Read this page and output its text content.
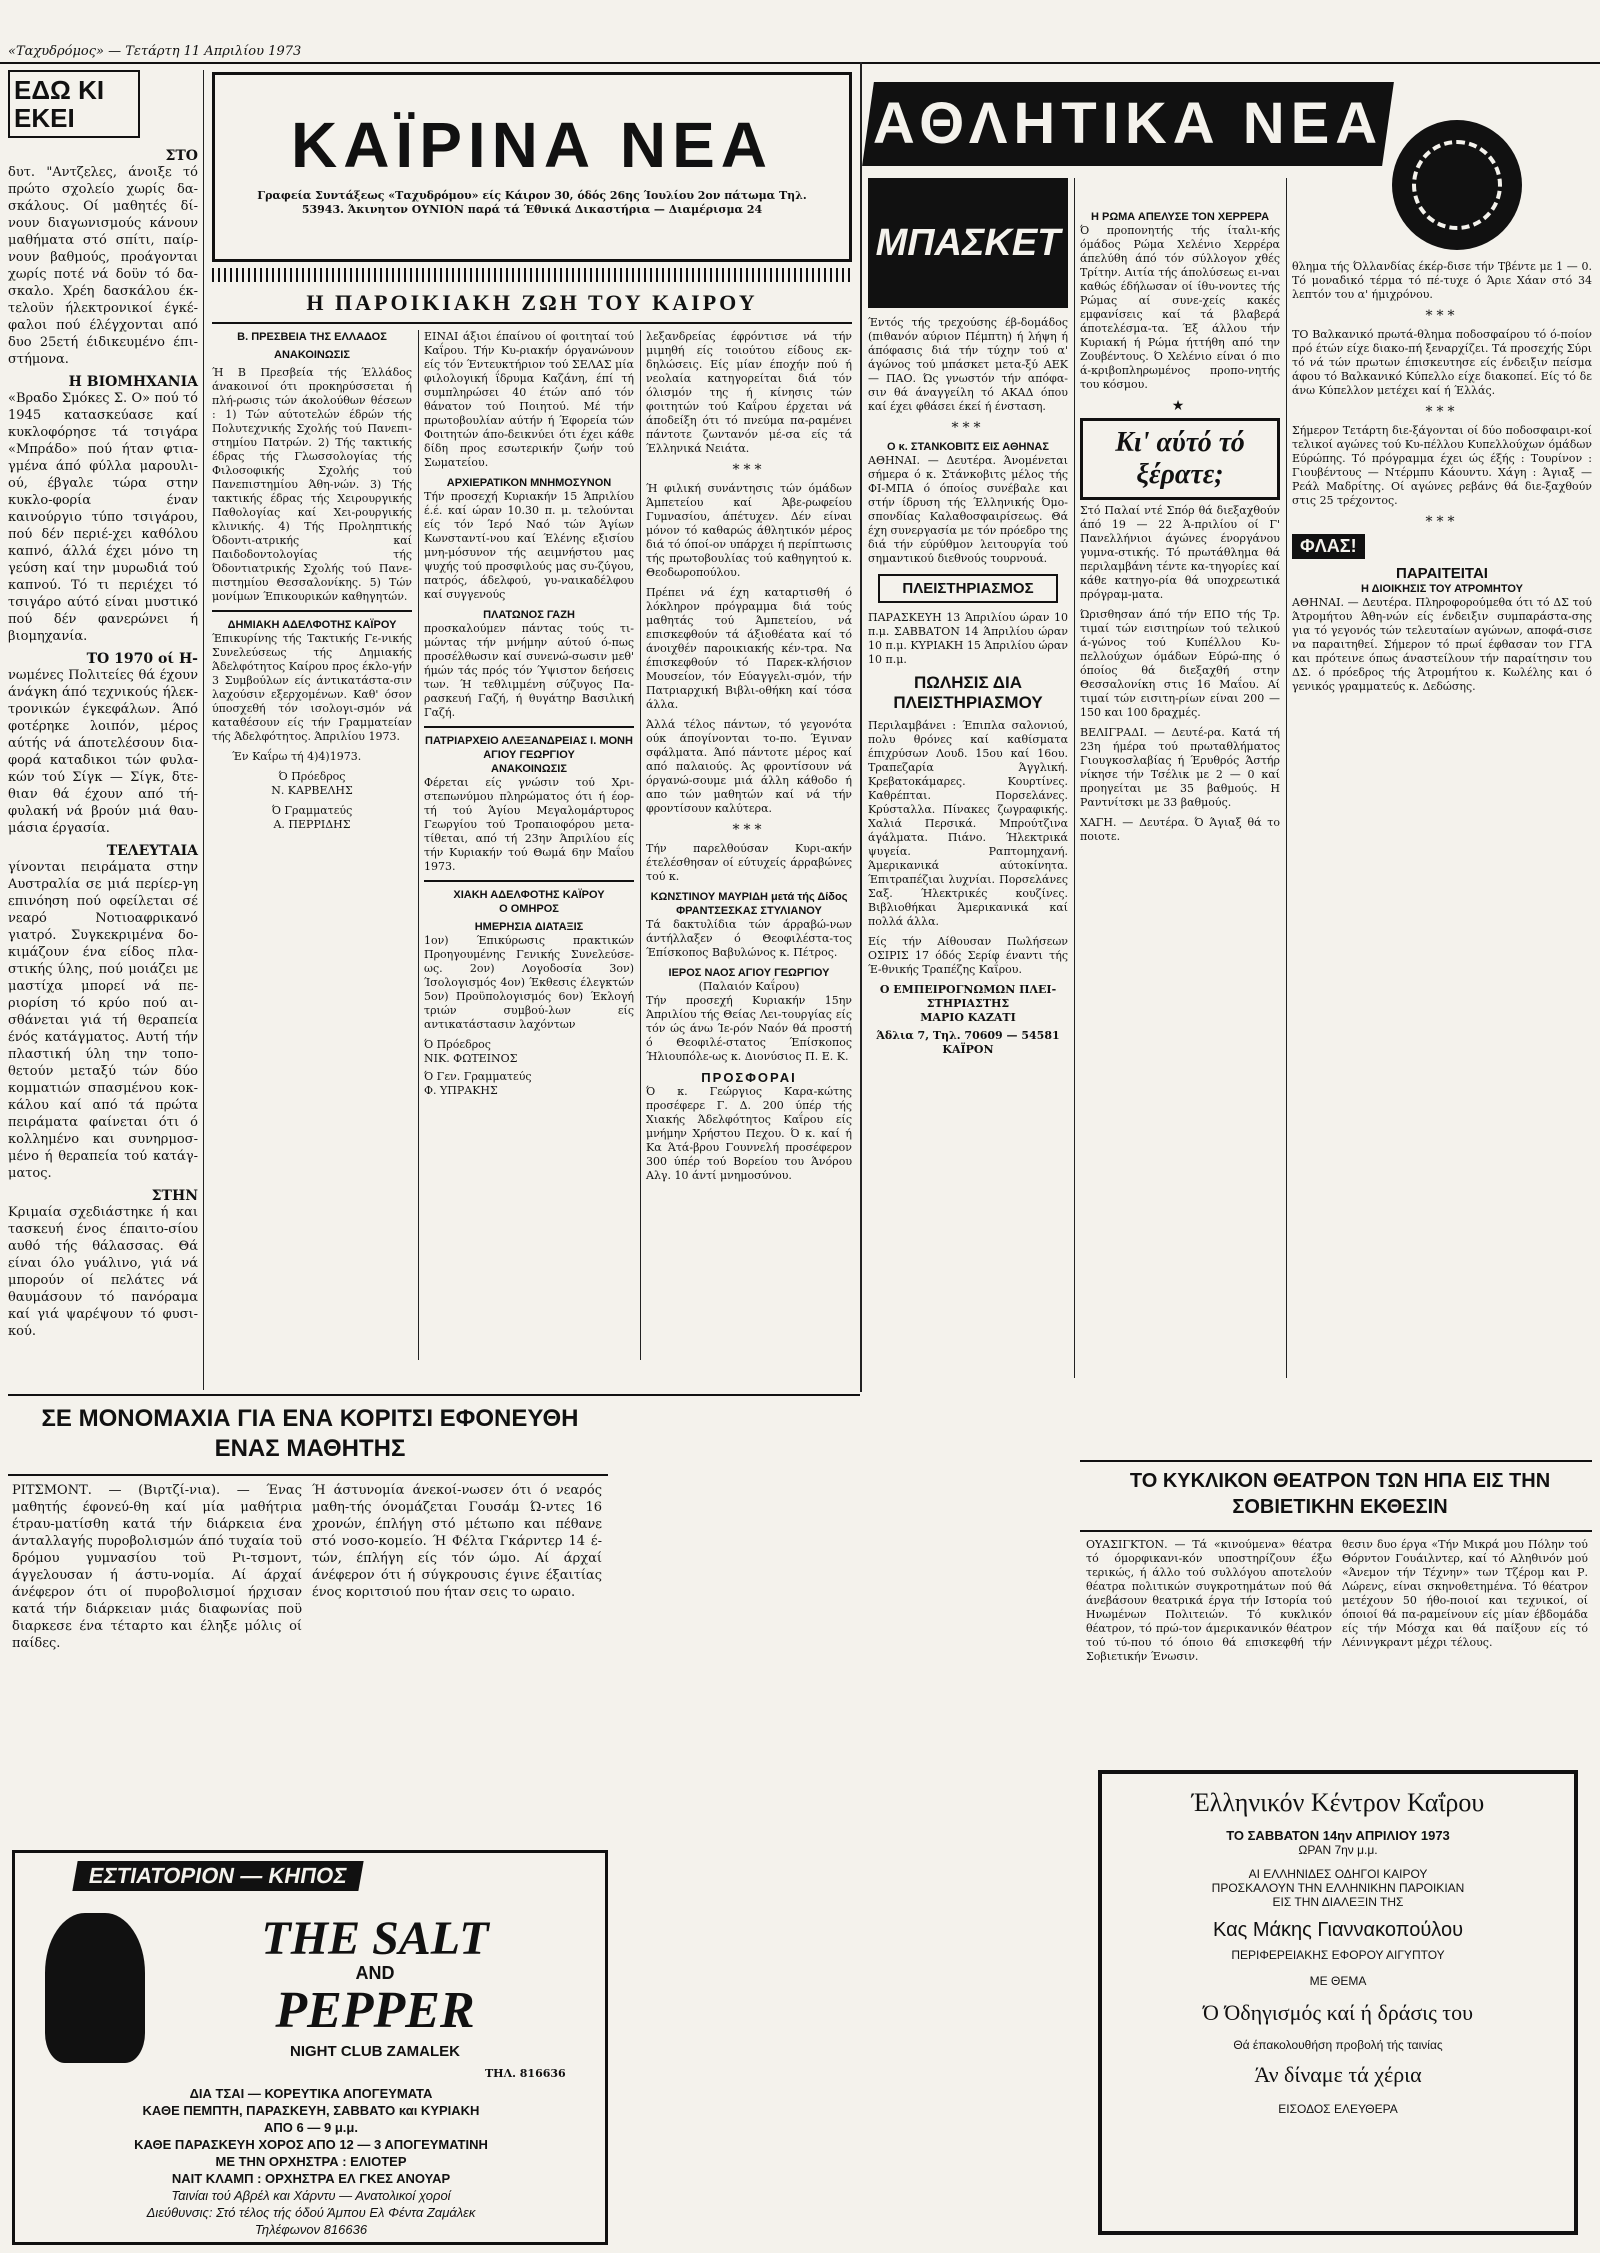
«Ταχυδρόμος» — Τετάρτη 11 Απριλίου 1973
ΕΔΩ ΚΙ ΕΚΕΙ
ΣΤΟ

δυτ. "Αντζελες, άνοιξε τό πρώτο σχολείο χωρίς δα-σκάλους. Οί μαθητές δί-νουν διαγωνισμούς κάνουν μαθήματα στό σπίτι, παίρ-νουν βαθμούς, προάγονται χωρίς ποτέ νά δοϋν τό δα-σκαλο. Χρέη δασκάλου έκ-τελοϋν ήλεκτρονικοί έγκέ-φαλοι πού έλέγχονται από δυο 25ετή έιδικευμένο έπι-στήμονα.

Η ΒΙΟΜΗΧΑΝΙΑ

«Βραδο Σμόκες Σ. Ο» πού τό 1945 κατασκεύασε καί κυκλοφόρησε τά τσιγάρα «Μπράδο» πού ήταν φτια-γμένα άπό φύλλα μαρουλι-ού, έβγαλε τώρα στην κυκλο-φορία έναν καινούργιο τύπο τσιγάρου, πού δέν περιέ-χει καθόλου καπνό, άλλά έχει μόνο τη γεύση καί την μυρωδιά τού καπνού. Τό τι περιέχει τό τσιγάρο αύτό είναι μυστικό πού δέν φανερώνει ή βιομηχανία.

ΤΟ 1970 οί Η-

νωμένες Πολιτείες θά έχουν άνάγκη άπό τεχνικούς ήλεκ-τρονικών έγκεφάλων. Άπό φοτέρηκε λοιπόν, μέρος αύτής νά άποτελέσουν δια-φορά καταδικοι τών φυλα-κών τού Σίγκ — Σίγκ, δτε-θιαν θά έχουν από τή-φυλακή νά βρούν μιά θαυ-μάσια έργασία.

ΤΕΛΕΥΤΑΙΑ

γίνονται πειράματα στην Αυστραλία σε μιά περίερ-γη επινόηση πού οφείλεται σέ νεαρό Νοτιοαφρικανό γιατρό. Συγκεκριμένα δο-κιμάζουν ένα είδος πλα-στικής ύλης, πού μοιάζει με μαστίχα μπορεί νά πε-ριορίση τό κρύο πού αι-σθάνεται γιά τή θεραπεία ένός κατάγματος. Αυτή τήν πλαστική ύλη την τοπο-θετούν μεταξύ τών δύο κομματιών σπασμένου κοκ-κάλου καί από τά πρώτα πειράματα φαίνεται ότι ό κολλημένο και συνηρμοσ-μένο ή θεραπεία τού κατάγ-ματος.

ΣΤΗΝ

Κριμαία σχεδιάστηκε ή και τασκευή ένος έπαιτο-σίου αυθό τής θάλασσας. Θά είναι όλο γυάλινο, γιά νά μπορούν οί πελάτες νά θαυμάσουν τό πανόραμα καί γιά ψαρέψουν τό φυσι-κού.

ΚΑΪΡΙΝΑ ΝΕΑ
Γραφεία Συντάξεως «Ταχυδρόμου» είς Κάιρον 30, όδός 26ης Ίουλίου 2ον πάτωμα Τηλ. 53943. Άκινητον ΟΥΝΙΟΝ παρά τά Έθνικά Δικαστήρια — Διαμέρισμα 24
Η ΠΑΡΟΙΚΙΑΚΗ ΖΩΗ ΤΟΥ ΚΑΙΡΟΥ
Β. ΠΡΕΣΒΕΙΑ ΤΗΣ ΕΛΛΑΔΟΣ
ΑΝΑΚΟΙΝΩΣΙΣ

Ή Β Πρεσβεία τής Έλλάδος άνακοινοί ότι προκηρύσσεται ή πλή-ρωσις τών άκολούθων θέσεων : 1) Τών αύτοτελών έδρών τής Πολυτεχνικής Σχολής τού Πανεπι-στημίου Πατρών. 2) Τής τακτικής έδρας τής Γλωσσολογίας τής Φιλοσοφικής Σχολής τού Πανεπιστημίου Άθη-νών. 3) Τής τακτικής έδρας τής Χειρουργικής Παθολογίας καί Χει-ρουργικής κλινικής. 4) Τής Προληπτικής Όδοντι-ατρικής καί Παιδοδοντολογίας τής Όδοντιατρικής Σχολής τού Πανε-πιστημίου Θεσσαλονίκης. 5) Τών μονίμων Έπικουρικών καθηγητών.

ΔΗΜΙΑΚΗ ΑΔΕΛΦΟΤΗΣ ΚΑΪΡΟΥ

Έπικυρίνης τής Τακτικής Γε-νικής Συνελεύσεως τής Δημιακής Άδελφότητος Καίρου προς έκλο-γήν 3 Συμβούλων είς άντικατάστα-σιν λαχούσιν εξερχομένων. Καθ' όσον ύποσχεθή τόν ισολογι-σμόν νά καταθέσουν είς τήν Γραμματείαν τής Άδελφότητος. Άπριλίου 1973.

Έν Καΐρω τή 4)4)1973.
Ό Πρόεδρος
Ν. ΚΑΡΒΕΛΗΣ
Ό Γραμματεύς
Α. ΠΕΡΡΙΔΗΣ

ΕΙΝΑΙ άξιοι έπαίνου οί φοιτηταί τού Καΐρου. Τήν Κυ-ριακήν όργανώνουν είς τόν Έντευκτήριον τού ΣΕΛΑΣ μία φιλολογική ΐδρυμα Καζάνη, έπί τή συμπληρώσει 40 έτών από τόν θάνατον τού Ποιητού. Μέ τήν πρωτοβουλίαν αύτήν ή Έφορεία τών Φοιτητών άπο-δεικνύει ότι έχει κάθε δίδη προς εσωτερικήν ζωήν τού Σωματείου.

ΑΡΧΙΕΡΑΤΙΚΟΝ ΜΝΗΜΟΣΥΝΟΝ

Τήν προσεχή Κυριακήν 15 Άπριλίου έ.έ. καί ώραν 10.30 π. μ. τελούνται είς τόν Ίερό Ναό τών Άγίων Κωνσταντί-νου καί Έλένης εξισίου μνη-μόσυνον τής αειμνήστου μας ψυχής τού προσφιλούς μας συ-ζύγου, πατρός, άδελφού, γυ-ναικαδέλφου καί συγγενούς

ΠΛΑΤΩΝΟΣ ΓΑΖΗ

προσκαλούμεν πάντας τούς τι-μώντας τήν μνήμην αύτού ό-πως προσέλθωσιν καί συνενώ-σωσιν μεθ' ήμών τάς πρός τόν Ύψιστον δεήσεις των. Ή τεθλιμμένη σύζυγος Πα-ρασκευή Γαζή, ή θυγάτηρ Βασιλική Γαζή.

ΠΑΤΡΙΑΡΧΕΙΟ ΑΛΕΞΑΝΔΡΕΙΑΣ Ι. ΜΟΝΗ ΑΓΙΟΥ ΓΕΩΡΓΙΟΥ
ΑΝΑΚΟΙΝΩΣΙΣ

Φέρεται είς γνώσιν τού Χρι-στεπωνύμου πληρώματος ότι ή έορ-τή τού Άγίου Μεγαλομάρτυρος Γεωργίου τού Τροπαιοφόρου μετα-τίθεται, από τή 23ην Άπριλίου είς τήν Κυριακήν τού Θωμά 6ην Μαΐου 1973.

ΧΙΑΚΗ ΑΔΕΛΦΟΤΗΣ ΚΑΪΡΟΥ
Ο ΟΜΗΡΟΣ
ΗΜΕΡΗΣΙΑ ΔΙΑΤΑΞΙΣ

1ον) Έπικύρωσις πρακτικών Προηγουμένης Γενικής Συνελεύσε-ως. 2ον) Λογοδοσία 3ον) Ίσολογισμός 4ον) Έκθεσις έλεγκτών 5ον) Προϋπολογισμός 6ον) Έκλογή τριών συμβού-λων είς αντικατάστασιν λαχόντων

Ό Πρόεδρος
ΝΙΚ. ΦΩΤΕΙΝΟΣ
Ό Γεν. Γραμματεύς
Φ. ΥΠΡΑΚΗΣ

λεξανδρείας έφρόντισε νά τήν μιμηθή είς τοιούτου είδους εκ-δηλώσεις. Είς μίαν έποχήν πού ή νεολαία κατηγορείται διά τόν όλισμόν της ή κίνησις τών φοιτητών τού Καΐρου έρχεται νά άποδείξη ότι τό πνεύμα πα-ραμένει πάντοτε ζωντανόν μέ-σα είς τά Έλληνικά Νειάτα.

***

Ή φιλική συνάντησις τών όμάδων Άμπετείου καί Άβε-ρωφείου Γυμνασίου, άπέτυχεν. Δέν είναι μόνον τό καθαρώς άθλητικόν μέρος διά τό όποί-ον υπάρχει ή περίπτωσις τής πρωτοβουλίας τού καθηγητού κ. Θεοδωροπούλου.

Πρέπει νά έχη καταρτισθή ό λόκληρον πρόγραμμα διά τούς μαθητάς τού Άμπετείου, νά επισκεφθούν τά άξιοθέατα καί τό άνοιχθέν παροικιακής κέν-τρα. Να έπισκεφθούν τό Παρεκ-κλήσιον Μουσείον, τόν Εύαγγελι-σμόν, τήν Πατριαρχική Βιβλι-οθήκη καί τόσα άλλα.

Άλλά τέλος πάντων, τό γεγονότα ούκ άπογίνονται το-πο. Έγιναν σφάλματα. Άπό πάντοτε μέρος καί από παλαιούς. Άς φροντίσουν νά όργανώ-σουμε μιά άλλη κάθοδο ή απο τών μαθητών καί νά τήν φροντίσουν καλύτερα.

***

Τήν παρελθούσαν Κυρι-ακήν έτελέσθησαν οί εύτυχείς άρραβώνες τού κ.

ΚΩΝΣΤΙΝΟΥ ΜΑΥΡΙΔΗ μετά τής Δίδος ΦΡΑΝΤΣΕΣΚΑΣ ΣΤΥΛΙΑΝΟΥ

Τά δακτυλίδια τών άρραβώ-νων άντήλλαξεν ό Θεοφιλέστα-τος Έπίσκοπος Βαβυλώνος κ. Πέτρος.

ΙΕΡΟΣ ΝΑΟΣ ΑΓΙΟΥ ΓΕΩΡΓΙΟΥ
(Παλαιόν Καΐρου)

Τήν προσεχή Κυριακήν 15ην Άπριλίου τής Θείας Λει-τουργίας είς τόν ώς άνω Ίε-ρόν Ναόν θά προστή ό Θεοφιλέ-στατος Έπίσκοπος Ήλιουπόλε-ως κ. Διονύσιος Π. Ε. Κ.

ΠΡΟΣΦΟΡΑΙ

Ό κ. Γεώργιος Καρα-κώτης προσέφερε Γ. Δ. 200 ύπέρ τής Χιακής Άδελφότητος Καΐρου είς μνήμην Χρήστου Πεχου. Ό κ. καί ή Κα Άτά-βρου Γουννελή προσέφερον 300 ύπέρ τού Βορείου του Άνόρου Αλγ. 10 άντί μνημοσύνου.

ΑΘΛΗΤΙΚΑ ΝΕΑ
ΜΠΑΣΚΕΤ

Έντός τής τρεχούσης έβ-δομάδος (πιθανόν αύριον Πέμπτη) ή λήψη ή άπόφασις διά τήν τύχην τού α' άγώνος τού μπάσκετ μετα-ξύ ΑΕΚ — ΠΑΟ. Ώς γνωστόν τήν απόφα-σιν θά άναγγείλη τό ΑΚΑΔ όπου καί έχει φθάσει έκεί ή ένσταση.

***
Ο κ. ΣΤΑΝΚΟΒΙΤΣ ΕΙΣ ΑΘΗΝΑΣ

ΑΘΗΝΑΙ. — Δευτέρα. Άνομένεται σήμερα ό κ. Στάνκοβιτς μέλος τής ΦΙ-ΜΠΑ ό όποίος συνέβαλε και στήν ίδρυση τής Έλληνικής Όμο-σπονδίας Καλαθοσφαιρίσεως. Θά έχη συνεργασία με τόν πρόεδρο της διά τήν εύρύθμον λειτουργία τού σημαντικού διεθνούς τουρνουά.

ΠΛΕΙΣΤΗΡΙΑΣΜΟΣ

ΠΑΡΑΣΚΕΥΗ 13 Άπριλίου ώραν 10 π.μ. ΣΑΒΒΑΤΟΝ 14 Άπριλίου ώραν 10 π.μ. ΚΥΡΙΑΚΗ 15 Άπριλίου ώραν 10 π.μ.

ΠΩΛΗΣΙΣ ΔΙΑ ΠΛΕΙΣΤΗΡΙΑΣΜΟΥ

Περιλαμβάνει : Έπιπλα σαλονιού, πολυ θρόνες καί καθίσματα έπιχρύσων Λουδ. 15ου καί 16ου. Τραπεζαρία Άγγλική. Κρεβατοκάμαρες. Κουρτίνες. Καθρέπται. Πορσελάνες. Κρύσταλλα. Πίνακες ζωγραφικής. Χαλιά Περσικά. Μπρούτζινα άγάλματα. Πιάνο. Ήλεκτρικά ψυγεία. Ραπτομηχανή. Άμερικανικά αύτοκίνητα. Έπιτραπέζιαι λυχνίαι. Πορσελάνες Σαξ. Ήλεκτρικές κουζίνες. Βιβλιοθήκαι Άμερικανικά καί πολλά άλλα.

Είς τήν Αίθουσαν Πωλήσεων ΟΣΙΡΙΣ 17 όδός Σερίφ έναντι τής Έ-θνικής Τραπέζης Καΐρου.

Ο ΕΜΠΕΙΡΟΓΝΩΜΩΝ ΠΛΕΙ-ΣΤΗΡΙΑΣΤΗΣ
ΜΑΡΙΟ ΚΑΖΑΤΙ
Άδλια 7, Τηλ. 70609 — 54581 ΚΑΪΡΟΝ
Η ΡΩΜΑ ΑΠΕΛΥΣΕ ΤΟΝ ΧΕΡΡΕΡΑ

Ό προπονητής τής ίταλι-κής όμάδος Ρώμα Χελένιο Χερρέρα άπελύθη άπό τόν σύλλογον χθές Τρίτην. Αιτία τής άπολύσεως ει-ναι καθώς έδήλωσαν οί ίθυ-νοντες τής Ρώμας αί συνε-χείς κακές εμφανίσεις καί τά βλαβερά άποτελέσμα-τα. Έξ άλλου τήν Κυριακή ή Ρώμα ήττήθη από την Ζουβέντους. Ό Χελένιο είναι ό πιο ά-κριβοπληρωμένος προπο-νητής του κόσμου.

★
Κι' αύτό τό ξέρατε;

Στό Παλαί ντέ Σπόρ θά διεξαχθούν άπό 19 — 22 Ά-πριλίου οί Γ' Πανελλήνιοι άγώνες ένοργάνου γυμνα-στικής. Τό πρωτάθλημα θά περιλαμβάνη τέντε κα-τηγορίες καί κάθε κατηγο-ρία θά υποχρεωτικά πρόγραμ-ματα.

Ώρισθησαν άπό τήν ΕΠΟ τής Τρ. τιμαί τών εισιτηρίων τού τελικού ά-γώνος τού Κυπέλλου Κυ-πελλούχων όμάδων Εύρώ-πης ό όποίος θά διεξαχθή στην Θεσσαλονίκη στις 16 Μαΐου. Αί τιμαί τών εισιτη-ρίων είναι 200 — 150 και 100 δραχμές.

ΒΕΛΙΓΡΑΔΙ. — Δευτέ-ρα. Κατά τή 23η ήμέρα τού πρωταθλήματος Γιουγκοσλαβίας ή Έρυθρός Άστήρ νίκησε τήν Τσέλικ με 2 — 0 καί προηγείται με 35 βαθμούς. Η Ραντνίτσκι με 33 βαθμούς.

ΧΑΓΗ. — Δευτέρα. Ό Άγιαξ θά το ποιοτε.

θλημα τής Όλλανδίας έκέρ-δισε τήν Τβέντε με 1 — 0. Τό μοναδικό τέρμα τό πέ-τυχε ό Άριε Χάαν στό 34 λεπτόν του α' ήμιχρόνου.

***

ΤΟ Βαλκανικό πρωτά-θλημα ποδοσφαίρου τό ό-ποίον πρό έτών είχε διακο-πή ξεναρχίζει. Τά προσεχής Σύρι τό νά τών πρωτων έπισκευτησε είς ένδειξιν πείσμα άφου τό Βαλκανικό Κύπελλο είχε διακοπεί. Είς τό δε άνω Κύπελλον μετέχει καί ή Έλλάς.

***

Σήμερον Τετάρτη διε-ξάγονται οί δύο ποδοσφαιρι-κοί τελικοί αγώνες τού Κυ-πέλλου Κυπελλούχων όμάδων Εύρώπης. Τό πρόγραμμα έχει ώς έξής : Τουρίνον : Γιουβέντους — Ντέρμπυ Κάουντυ. Χάγη : Άγιαξ — Ρεάλ Μαδρίτης. Οί αγώνες ρεβάνς θά διε-ξαχθούν στις 25 τρέχοντος.

***
ΦΛΑΣ!
ΠΑΡΑΙΤΕΙΤΑΙ
Η ΔΙΟΙΚΗΣΙΣ ΤΟΥ ΑΤΡΟΜΗΤΟΥ

ΑΘΗΝΑΙ. — Δευτέρα. Πληροφορούμεθα ότι τό ΔΣ τού Άτρομήτου Άθη-νών είς ένδειξιν συμπαράστα-σης για τό γεγονός τών τελευταίων αγώνων, αποφά-σισε να παραιτηθεί. Σήμερον τό πρωί έφθασαν τον ΓΓΑ και πρότεινε όπως άναστείλουν τήν παραίτησιν του ΔΣ. ό πρόεδρος τής Άτρομήτου κ. Κωλέλης και ό γενικός γραμματεύς κ. Δεδώσης.

ΣΕ ΜΟΝΟΜΑΧΙΑ ΓΙΑ ΕΝΑ ΚΟΡΙΤΣΙ ΕΦΟΝΕΥΘΗ ΕΝΑΣ ΜΑΘΗΤΗΣ

ΡΙΤΣΜΟΝΤ. — (Βιρτζί-νια). — Ένας μαθητής έφονεύ-θη καί μία μαθήτρια έτραυ-ματίσθη κατά τήν διάρκεια ένα άνταλλαγής πυροβολισμών άπό τυχαία τοϋ δρόμου γυμνασίου τοϋ Ρι-τσμοντ, άγγελουσαν ή άστυ-νομία. Αί άρχαί άνέφερον ότι οί πυροβολισμοί ήρχισαν κατά τήν διάρκειαν μιάς διαφωνίας ποϋ διαρκεσε ένα τέταρτο και έληξε μόλις οί παίδες.

Ή άστυνομία άνεκοί-νωσεν ότι ό νεαρός μαθη-τής όνομάζεται Γουσάμ Ώ-ντες 16 χρονών, έπλήγη στό μέτωπο και πέθανε στό νοσο-κομείο. Ή Φέλτα Γκάρντερ 14 έ-τών, έπλήγη είς τόν ώμο. Αί άρχαί άνέφερον ότι ή σύγκρουσις έγινε έξαιτίας ένος κοριτσιού που ήταν σεις το ωραιο.

ΕΣΤΙΑΤΟΡΙΟΝ — ΚΗΠΟΣ
THE SALT
AND
PEPPER
NIGHT CLUB ZAMALEK
ΤΗΛ. 816636
ΔΙΑ ΤΣΑΙ — ΚΟΡΕΥΤΙΚΑ ΑΠΟΓΕΥΜΑΤΑ
ΚΑΘΕ ΠΕΜΠΤΗ, ΠΑΡΑΣΚΕΥΗ, ΣΑΒΒΑΤΟ και ΚΥΡΙΑΚΗ
ΑΠΟ 6 — 9 μ.μ.
ΚΑΘΕ ΠΑΡΑΣΚΕΥΗ ΧΟΡΟΣ ΑΠΟ 12 — 3 ΑΠΟΓΕΥΜΑΤΙΝΗ
ΜΕ ΤΗΝ ΟΡΧΗΣΤΡΑ : ΕΛΙΟΤΕΡ
ΝΑΙΤ ΚΛΑΜΠ : ΟΡΧΗΣΤΡΑ ΕΛ ΓΚΕΣ ΑΝΟΥΑΡ
Ταινίαι τού Αβρέλ και Χάρντυ — Ανατολικοί χοροί
Διεύθυνσις: Στό τέλος τής όδού Άμπου Ελ Φέντα Ζαμάλεκ
Τηλέφωνον 816636
ΤΟ ΚΥΚΛΙΚΟΝ ΘΕΑΤΡΟΝ ΤΩΝ ΗΠΑ ΕΙΣ ΤΗΝ ΣΟΒΙΕΤΙΚΗΝ ΕΚΘΕΣΙΝ

ΟΥΑΣΙΓΚΤΟΝ. — Τά «κινούμενα» θέατρα τό όμορφικανι-κόν υποστηρίζουν έξω τερικώς, ή άλλο τού συλλόγου αποτελούν θέατρα πολιτικών συγκροτημάτων πού θά άνεβάσουν θεατρικά έργα τήν Ιστορία τού Ηνωμένων Πολιτειών. Τό κυκλικόν θέατρον, τό πρώ-τον άμερικανικόν θέατρον τού τύ-που τό όποιο θά επισκεφθή τήν Σοβιετικήν Ένωσιν.

θεσιν δυο έργα «Τήν Μικρά μου Πόλην τού Θόρντον Γουάιλντερ, καί τό Αληθινόν μού «Άνεμον τήν Τέχνην» των Τζέρομ και Ρ. Λώρενς, είναι σκηνοθετημένα. Τό θέατρον μετέχουν 50 ήθο-ποιοί και τεχνικοί, οί όποιοί θά πα-ραμείνουν είς μίαν έβδομάδα είς τήν Μόσχα και θά παίξουν είς τό Λένινγκραντ μέχρι τέλους.

Έλληνικόν Κέντρον Καΐρου
ΤΟ ΣΑΒΒΑΤΟΝ 14ην ΑΠΡΙΛΙΟΥ 1973
ΩΡΑΝ 7ην μ.μ.
ΑΙ ΕΛΛΗΝΙΔΕΣ ΟΔΗΓΟΙ ΚΑΙΡΟΥ
ΠΡΟΣΚΑΛΟΥΝ ΤΗΝ ΕΛΛΗΝΙΚΗΝ ΠΑΡΟΙΚΙΑΝ
ΕΙΣ ΤΗΝ ΔΙΑΛΕΞΙΝ ΤΗΣ
Κας Μάκης Γιαννακοπούλου
ΠΕΡΙΦΕΡΕΙΑΚΗΣ ΕΦΟΡΟΥ ΑΙΓΥΠΤΟΥ
ΜΕ ΘΕΜΑ
Ό Όδηγισμός καί ή δράσις του
Θά έπακολουθήση προβολή τής ταινίας
Άν δίναμε τά χέρια
ΕΙΣΟΔΟΣ ΕΛΕΥΘΕΡΑ
